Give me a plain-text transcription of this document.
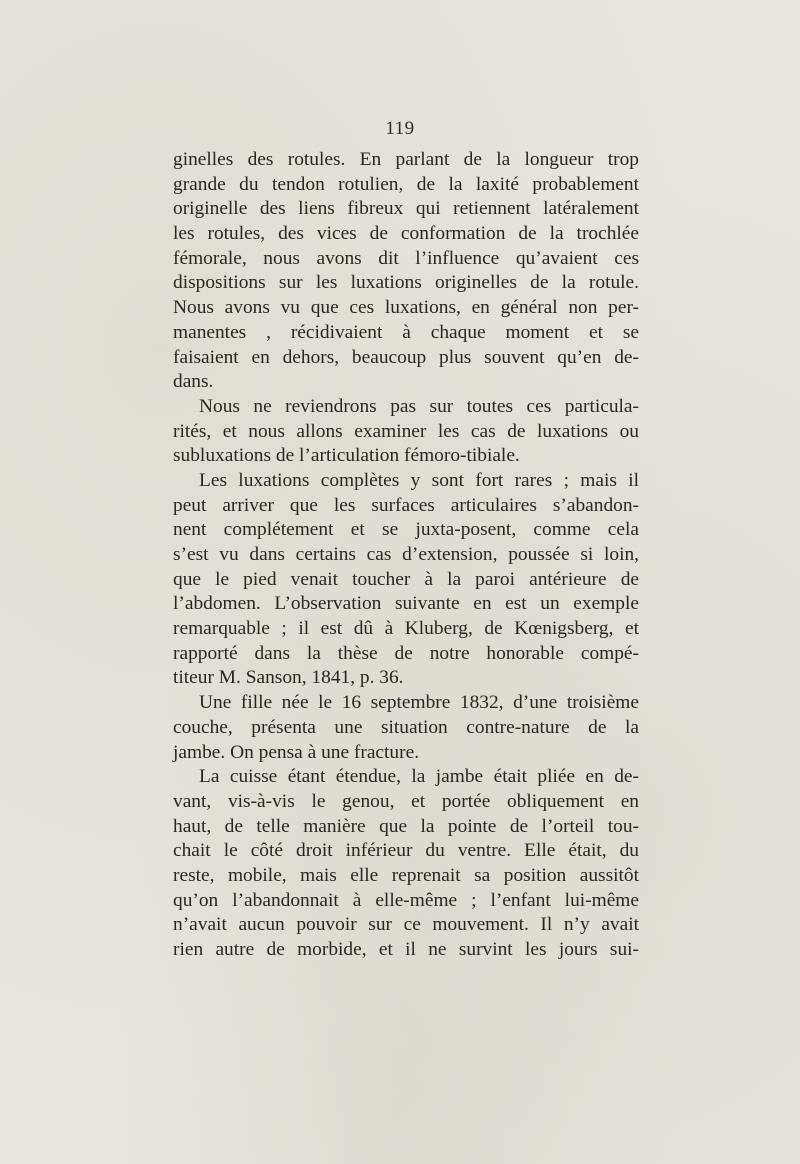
119
ginelles des rotules. En parlant de la longueur trop
grande du tendon rotulien, de la laxité probablement
originelle des liens fibreux qui retiennent latéralement
les rotules, des vices de conformation de la trochlée
fémorale, nous avons dit l’influence qu’avaient ces
dispositions sur les luxations originelles de la rotule.
Nous avons vu que ces luxations, en général non per-
manentes , récidivaient à chaque moment et se
faisaient en dehors, beaucoup plus souvent qu’en de-
dans.
Nous ne reviendrons pas sur toutes ces particula-
rités, et nous allons examiner les cas de luxations ou
subluxations de l’articulation fémoro-tibiale.
Les luxations complètes y sont fort rares ; mais il
peut arriver que les surfaces articulaires s’abandon-
nent complétement et se juxta-posent, comme cela
s’est vu dans certains cas d’extension, poussée si loin,
que le pied venait toucher à la paroi antérieure de
l’abdomen. L’observation suivante en est un exemple
remarquable ; il est dû à Kluberg, de Kœnigsberg, et
rapporté dans la thèse de notre honorable compé-
titeur M. Sanson, 1841, p. 36.
Une fille née le 16 septembre 1832, d’une troisième
couche, présenta une situation contre-nature de la
jambe. On pensa à une fracture.
La cuisse étant étendue, la jambe était pliée en de-
vant, vis-à-vis le genou, et portée obliquement en
haut, de telle manière que la pointe de l’orteil tou-
chait le côté droit inférieur du ventre. Elle était, du
reste, mobile, mais elle reprenait sa position aussitôt
qu’on l’abandonnait à elle-même ; l’enfant lui-même
n’avait aucun pouvoir sur ce mouvement. Il n’y avait
rien autre de morbide, et il ne survint les jours sui-
